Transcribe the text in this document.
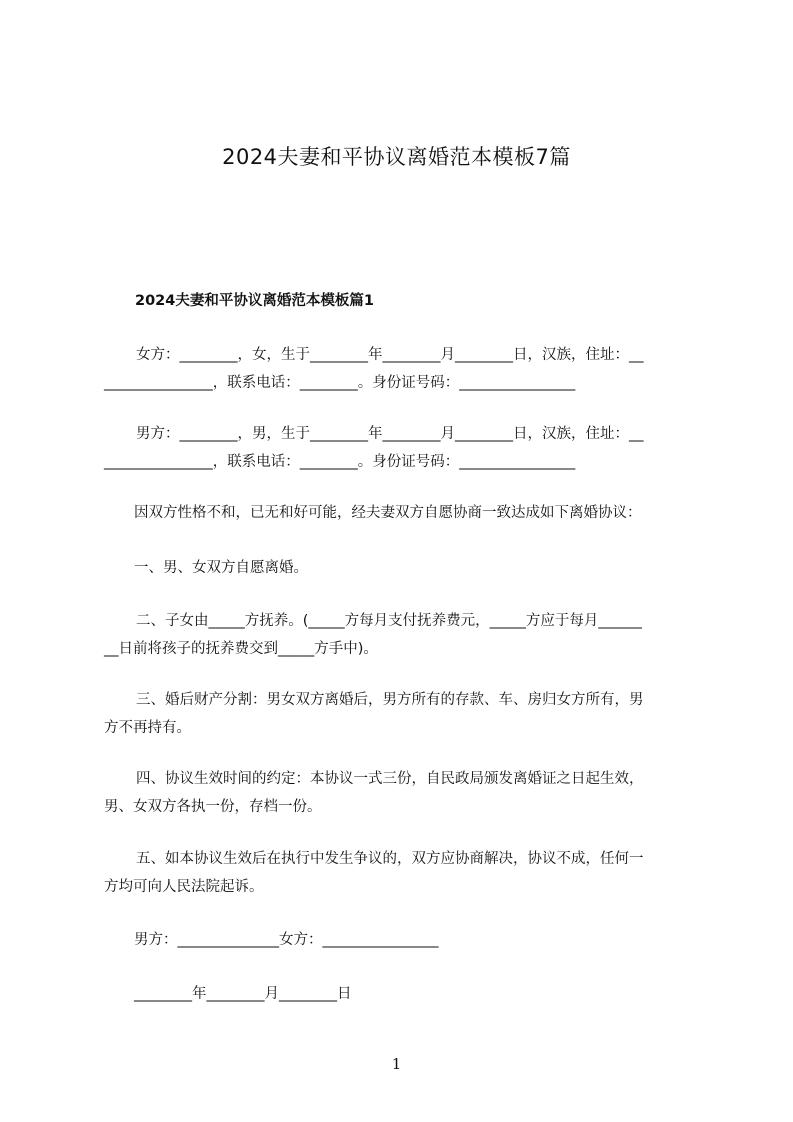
2024夫妻和平协议离婚范本模板7篇
2024夫妻和平协议离婚范本模板篇1
女方：________，女，生于________年________月________日，汉族，住址：__
_______________，联系电话：________。身份证号码：________________
男方：________，男，生于________年________月________日，汉族，住址：__
_______________，联系电话：________。身份证号码：________________
因双方性格不和，已无和好可能，经夫妻双方自愿协商一致达成如下离婚协议：
一、男、女双方自愿离婚。
二、子女由_____方抚养。(_____方每月支付抚养费元，_____方应于每月______
__日前将孩子的抚养费交到_____方手中)。
三、婚后财产分割：男女双方离婚后，男方所有的存款、车、房归女方所有，男
方不再持有。
四、协议生效时间的约定：本协议一式三份，自民政局颁发离婚证之日起生效，
男、女双方各执一份，存档一份。
五、如本协议生效后在执行中发生争议的，双方应协商解决，协议不成，任何一
方均可向人民法院起诉。
男方：______________女方：________________
________年________月________日
1
